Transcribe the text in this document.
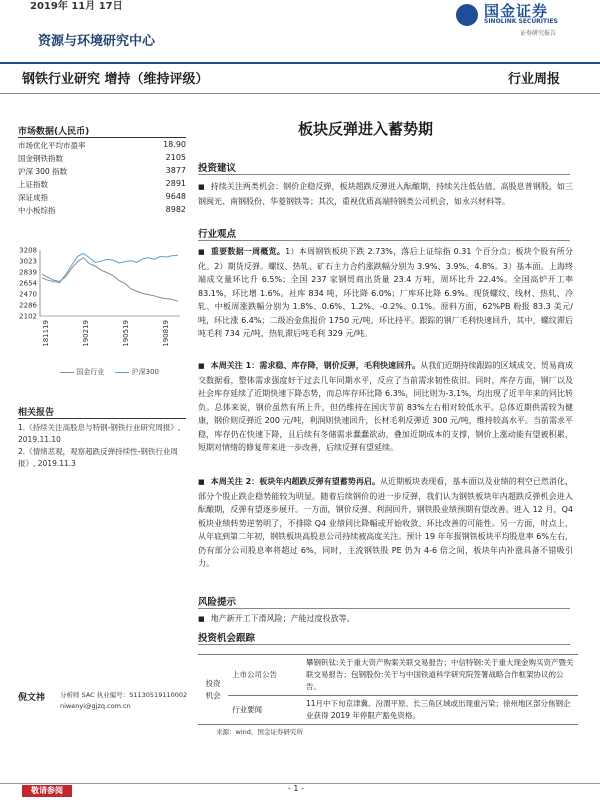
2019年 11月 17日	国金证券
SINOLINK SECURITIES
证券研究报告
资源与环境研究中心
钢铁行业研究 增持（维持评级）	行业周报
市场数据(人民币)
市场优化平均市盈率	18.90
国金钢铁指数	2105
沪深 300 指数	3877
上证指数	2891
深证成指	9648
中小板综指	8982
3208
3023
2839
2654
2470
2286
2102
181119	190219	190519	190819
国金行业	沪深300
相关报告
1.《持续关注高股息与特钢-钢铁行业研究周报》, 2019.11.10
2.《情绪悲观，观察超跌反弹持续性-钢铁行业周报》, 2019.11.3
倪文祎 分析师 SAC 执业编号：S1130519110002
niwenyi@gjzq.com.cn
板块反弹进入蓄势期
投资建议
■ 持续关注两类机会：钢价企稳反弹，板块超跌反弹进入酝酿期，持续关注低估值、高股息普钢股，如三钢闽光、南钢股份、华菱钢铁等；其次，重视优质高端特钢类公司机会，如永兴材料等。
行业观点
■ 重要数据一周概览。1）本周钢铁板块下跌 2.73%，落后上证综指 0.31 个百分点；板块个股有所分化。2）期货反弹。螺纹、热轧、矿石主力合约涨跌幅分别为 3.9%、3.9%、4.8%。3）基本面。上海终端成交量环比升 6.5%；全国 237 家钢贸商出货量 23.4 万吨，周环比升 22.4%。全国高炉开工率 83.1%，环比增 1.6%。社库 834 吨，环比降 6.0%；厂库环比降 6.9%。现货螺纹、线材、热轧、冷轧、中板周涨跌幅分别为 1.8%、0.6%、1.2%、-0.2%、0.1%。原料方面，62%PB 粉报 83.3 美元/吨，环比涨 6.4%；二级冶金焦报价 1750 元/吨，环比持平。跟踪的钢厂毛利快速回升，其中，螺纹滞后吨毛利 734 元/吨，热轧滞后吨毛利 329 元/吨。
■ 本周关注 1：需求稳、库存降，钢价反弹，毛利快速回升。从我们近期持续跟踪的区域成交、贸易商成交数据看，整体需求强度好于过去几年同期水平，反应了当前需求韧性依旧。同时，库存方面，钢厂以及社会库存延续了近期快速下降态势，而总库存环比降 6.3%，同比则为-3.1%，均出现了近半年来的同比转负。总体来说，钢价虽然有所上升，但仍维持在国庆节前 83%左右相对较低水平。总体近期供需较为健康，钢价则反弹近 200 元/吨，利润则快速回升，长材毛利反弹近 300 元/吨，维持较高水平。当前需求平稳，库存仍在快速下降，且后续有冬储需求蠢蠢欲动，叠加近期成本的支撑，钢价上涨动能有望被积累，短期对情绪的修复带来进一步改善，后续反弹有望延续。
■ 本周关注 2：板块年内超跌反弹有望蓄势再启。从近期板块表现看，基本面以及业绩的利空已然消化，部分个股止跌企稳势能较为明显。随着后续钢价的进一步反弹，我们认为钢铁板块年内超跌反弹机会进入酝酿期，反弹有望逐步展开。一方面，钢价反弹、利润回升，钢铁股业绩预期有望改善。进入 12 月，Q4 板块业绩转势逆势明了，不排除 Q4 业绩同比降幅或开始收敛、环比改善的可能性。另一方面，时点上，从年底到第二年初，钢铁板块高股息公司持续被高度关注。预计 19 年年报钢铁板块平均股息率 6%左右，仍有部分公司股息率将超过 6%，同时，主流钢铁股 PE 仍为 4-6 倍之间，板块年内补涨具备不错吸引力。
风险提示
■ 地产新开工下滑风险；产能过度投放等。
投资机会跟踪
投资机会	上市公司公告	攀钢钒钛:关于重大资产购案关联交易报告；中信特钢:关于重大现金购买资产暨关联交易报告；包钢股份:关于与中国铁道科学研究院签署战略合作框架协议的公告。
	行业要闻	11月中下旬京津冀、汾渭平原、长三角区域或出现重污染；徐州地区部分焦钢企业获得 2019 年停限产豁免资格。
来源：wind、国金证券研究所
敬请参阅	- 1 -
